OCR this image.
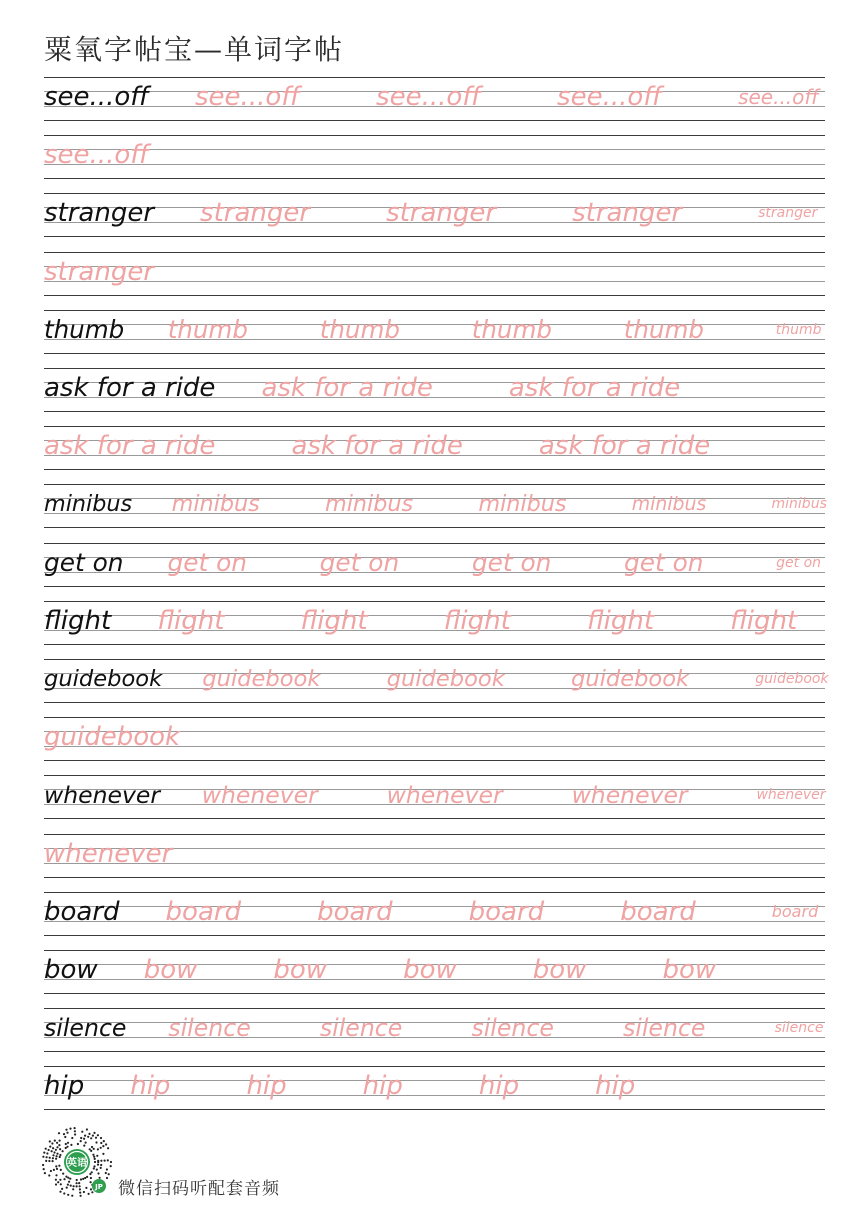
粟氧字帖宝—单词字帖
see...off see...off	see...off	see...off	see...off
see...off
stranger stranger	stranger	stranger	stranger
stranger
thumb thumb	thumb	thumb	thumb	thumb
ask for a ride ask for a ride	ask for a ride
ask for a ride	ask for a ride	ask for a ride
minibus minibus	minibus	minibus	minibus	minibus
get on get on	get on	get on	get on	get on
flight flight	flight	flight	flight	flight
guidebook guidebook	guidebook	guidebook	guidebook
guidebook
whenever whenever	whenever	whenever	whenever
whenever
board board	board	board	board	board
bow bow	bow	bow	bow	bow
silence silence	silence	silence	silence	silence
hip hip	hip	hip	hip	hip
英语
JP 微信扫码听配套音频
